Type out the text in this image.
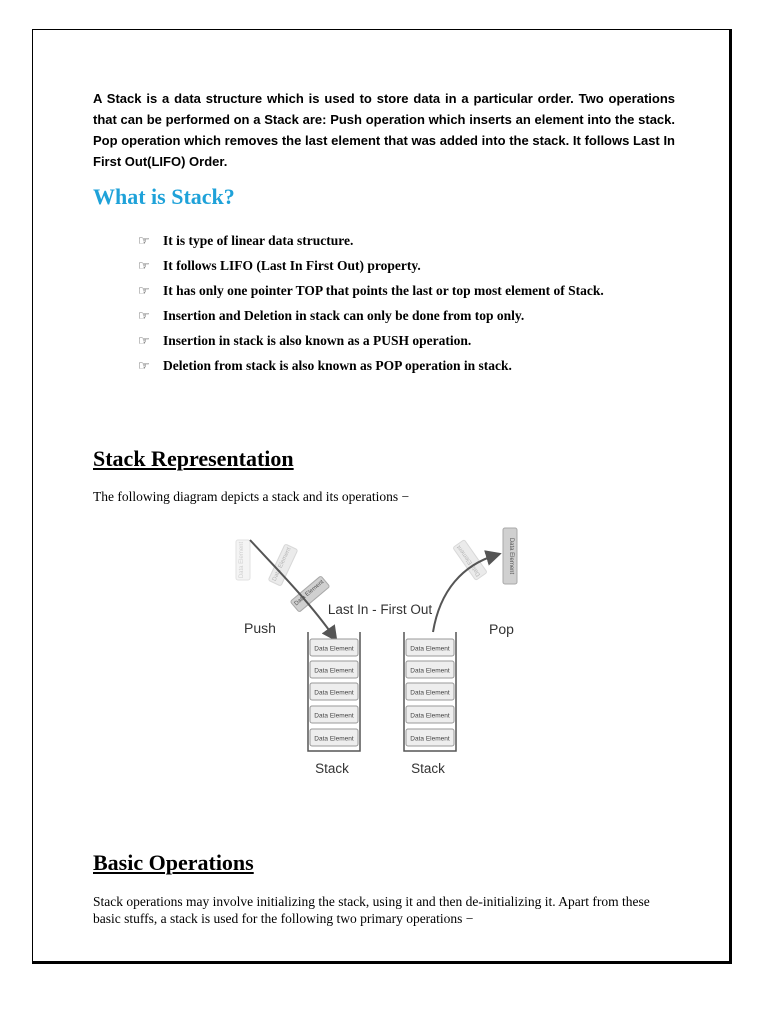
A Stack is a data structure which is used to store data in a particular order. Two operations that can be performed on a Stack are: Push operation which inserts an element into the stack. Pop operation which removes the last element that was added into the stack. It follows Last In First Out(LIFO) Order.

What is Stack?
☞ It is type of linear data structure.
☞ It follows LIFO (Last In First Out) property.
☞ It has only one pointer TOP that points the last or top most element of Stack.
☞ Insertion and Deletion in stack can only be done from top only.
☞ Insertion in stack is also known as a PUSH operation.
☞ Deletion from stack is also known as POP operation in stack.
Stack Representation

The following diagram depicts a stack and its operations −

Data Element	Data Element
Data Element
Data Element	Data Element
Last In - First Out
Push	Pop
Data Element
Data Element
Data Element
Data Element
Data Element
Stack
Data Element
Data Element
Data Element
Data Element
Data Element
Stack
Basic Operations

Stack operations may involve initializing the stack, using it and then de-initializing it. Apart from these basic stuffs, a stack is used for the following two primary operations −
